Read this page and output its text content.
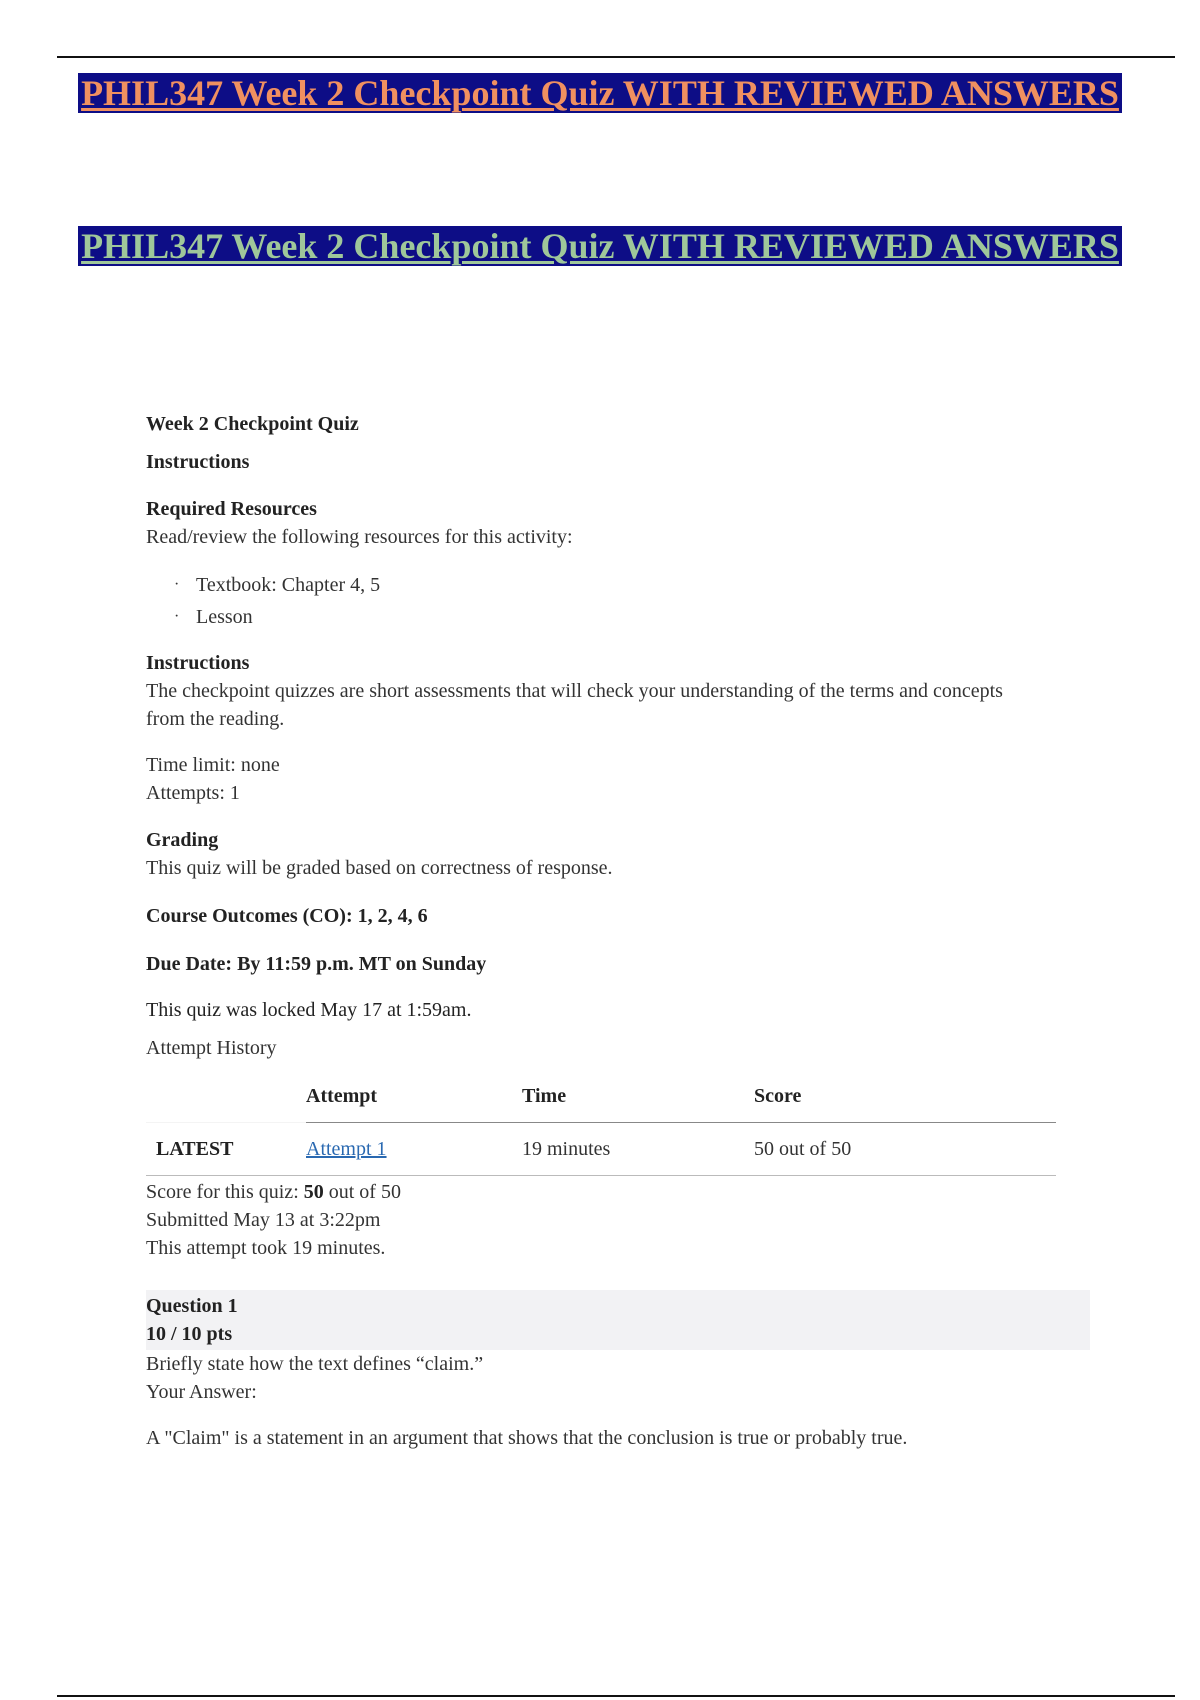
PHIL347 Week 2 Checkpoint Quiz WITH REVIEWED ANSWERS
PHIL347 Week 2 Checkpoint Quiz WITH REVIEWED ANSWERS

Week 2 Checkpoint Quiz

Instructions

Required Resources

Read/review the following resources for this activity:

· Textbook: Chapter 4, 5
· Lesson

Instructions

The checkpoint quizzes are short assessments that will check your understanding of the terms and concepts from the reading.

Time limit: none

Attempts: 1

Grading

This quiz will be graded based on correctness of response.

Course Outcomes (CO): 1, 2, 4, 6

Due Date: By 11:59 p.m. MT on Sunday

This quiz was locked May 17 at 1:59am.

Attempt History

	Attempt	Time	Score
LATEST	Attempt 1	19 minutes	50 out of 50

Score for this quiz: 50 out of 50

Submitted May 13 at 3:22pm

This attempt took 19 minutes.

Question 1

10 / 10 pts

Briefly state how the text defines “claim.”

Your Answer:

A "Claim" is a statement in an argument that shows that the conclusion is true or probably true.
